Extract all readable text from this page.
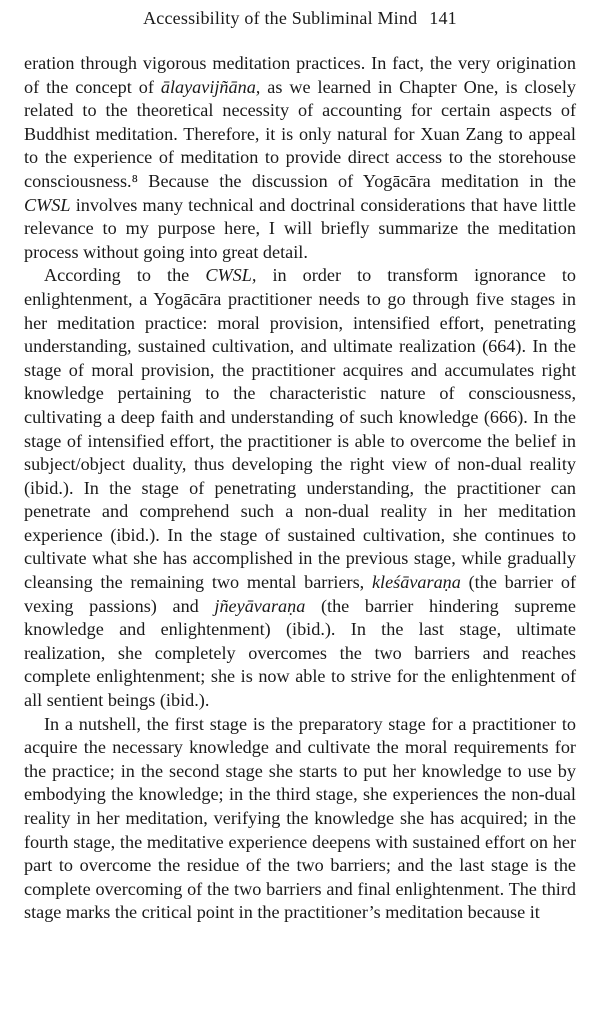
Accessibility of the Subliminal Mind 141

eration through vigorous meditation practices. In fact, the very origination of the concept of ālayavijñāna, as we learned in Chapter One, is closely related to the theoretical necessity of accounting for certain aspects of Buddhist meditation. Therefore, it is only natural for Xuan Zang to appeal to the experience of meditation to provide direct access to the storehouse consciousness.⁸ Because the discussion of Yogācāra meditation in the CWSL involves many technical and doctrinal considerations that have little relevance to my purpose here, I will briefly summarize the meditation process without going into great detail.

According to the CWSL, in order to transform ignorance to enlightenment, a Yogācāra practitioner needs to go through five stages in her meditation practice: moral provision, intensified effort, penetrating understanding, sustained cultivation, and ultimate realization (664). In the stage of moral provision, the practitioner acquires and accumulates right knowledge pertaining to the characteristic nature of consciousness, cultivating a deep faith and understanding of such knowledge (666). In the stage of intensified effort, the practitioner is able to overcome the belief in subject/object duality, thus developing the right view of non-dual reality (ibid.). In the stage of penetrating understanding, the practitioner can penetrate and comprehend such a non-dual reality in her meditation experience (ibid.). In the stage of sustained cultivation, she continues to cultivate what she has accomplished in the previous stage, while gradually cleansing the remaining two mental barriers, kleśāvaraṇa (the barrier of vexing passions) and jñeyāvaraṇa (the barrier hindering supreme knowledge and enlightenment) (ibid.). In the last stage, ultimate realization, she completely overcomes the two barriers and reaches complete enlightenment; she is now able to strive for the enlightenment of all sentient beings (ibid.).

In a nutshell, the first stage is the preparatory stage for a practitioner to acquire the necessary knowledge and cultivate the moral requirements for the practice; in the second stage she starts to put her knowledge to use by embodying the knowledge; in the third stage, she experiences the non-dual reality in her meditation, verifying the knowledge she has acquired; in the fourth stage, the meditative experience deepens with sustained effort on her part to overcome the residue of the two barriers; and the last stage is the complete overcoming of the two barriers and final enlightenment. The third stage marks the critical point in the practitioner’s meditation because it
